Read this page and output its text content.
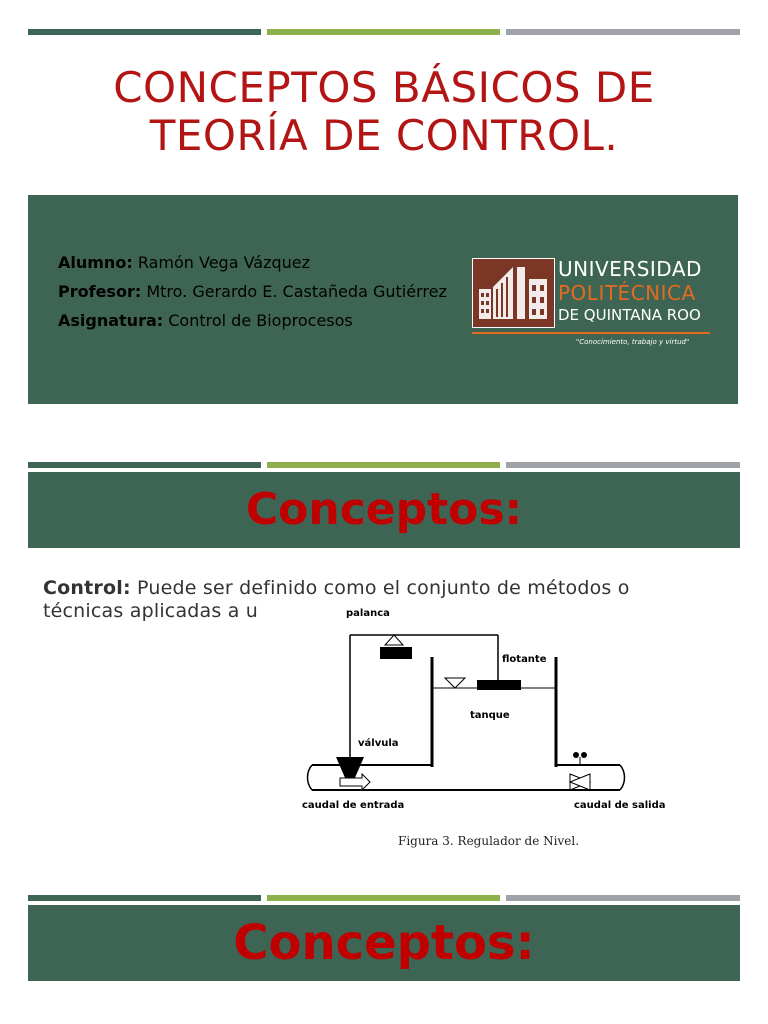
CONCEPTOS BÁSICOS DE
TEORÍA DE CONTROL.

Alumno: Ramón Vega Vázquez

Profesor: Mtro. Gerardo E. Castañeda Gutiérrez

Asignatura: Control de Bioprocesos

UNIVERSIDAD
POLITÉCNICA
DE QUINTANA ROO
"Conocimiento, trabajo y virtud"
Conceptos:
Control: Puede ser definido como el conjunto de métodos o
técnicas aplicadas a u	palanca
flotante
tanque
válvula
caudal de entrada	caudal de salida
Figura 3. Regulador de Nivel.
Conceptos:
